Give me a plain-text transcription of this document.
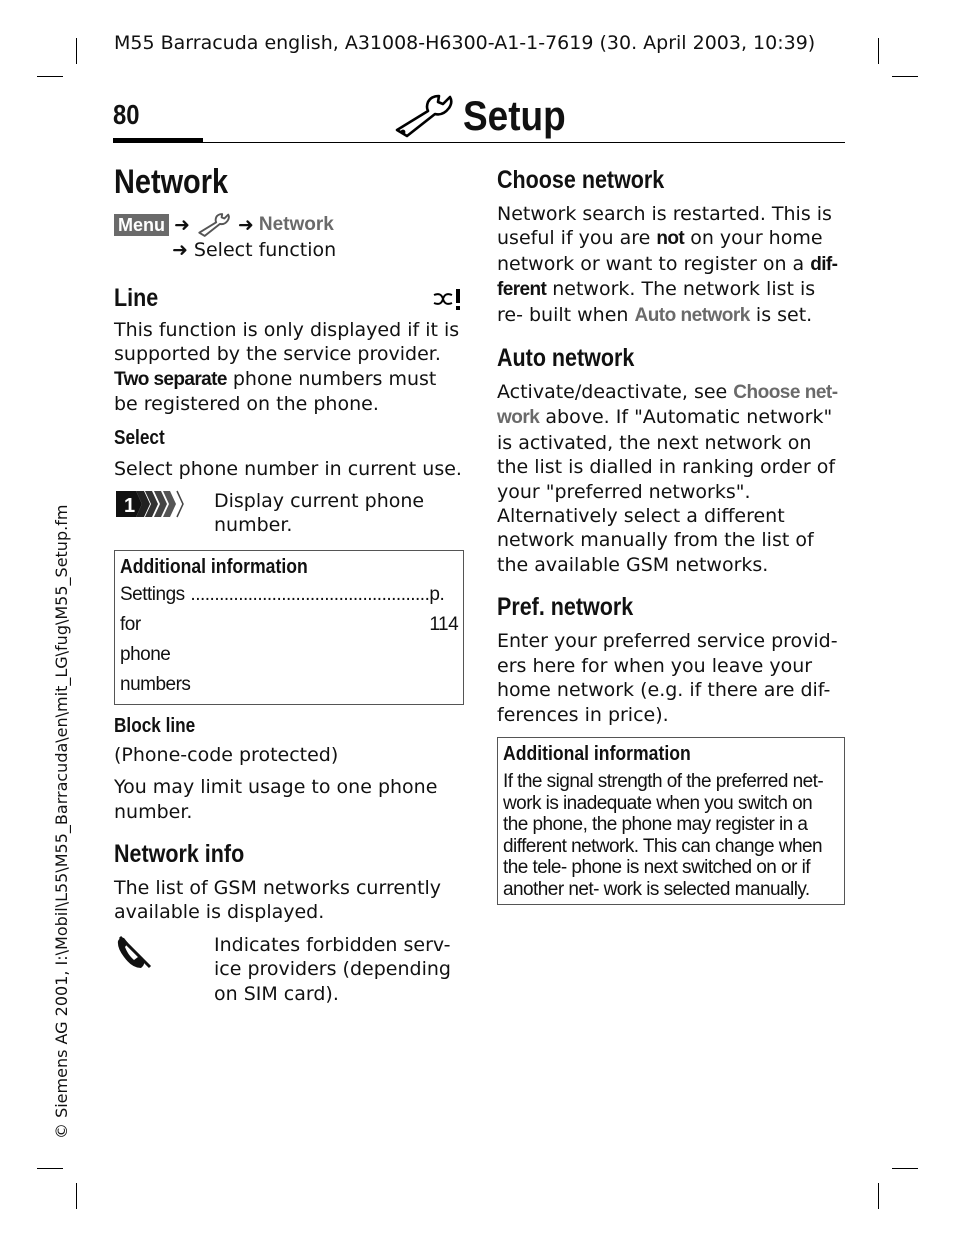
M55 Barracuda english, A31008-H6300-A1-1-7619 (30. April 2003, 10:39)
© Siemens AG 2001, I:\Mobil\L55\M55_Barracuda\en\mit_LG\fug\M55_Setup.fm
80	Setup
Network
Menu ➜	➜ Network
➜ Select function
Line

This function is only displayed if it is supported by the service provider.

Two separate phone numbers must be registered on the phone.

Select

Select phone number in current use.

1	Display current phone number.

Additional information
Settings for phone numbers
.................................................. p. 114
Block line

(Phone-code protected)

You may limit usage to one phone number.

Network info

The list of GSM networks currently available is displayed.

Indicates forbidden serv- ice providers (depending on SIM card).

Choose network

Network search is restarted. This is useful if you are not on your home network or want to register on a dif- ferent network. The network list is re- built when Auto network is set.

Auto network

Activate/deactivate, see Choose net- work above. If "Automatic network" is activated, the next network on the list is dialled in ranking order of your "preferred networks". Alternatively select a different network manually from the list of the available GSM networks.

Pref. network

Enter your preferred service provid- ers here for when you leave your home network (e.g. if there are dif- ferences in price).

Additional information
If the signal strength of the preferred net- work is inadequate when you switch on the phone, the phone may register in a different network. This can change when the tele- phone is next switched on or if another net- work is selected manually.
